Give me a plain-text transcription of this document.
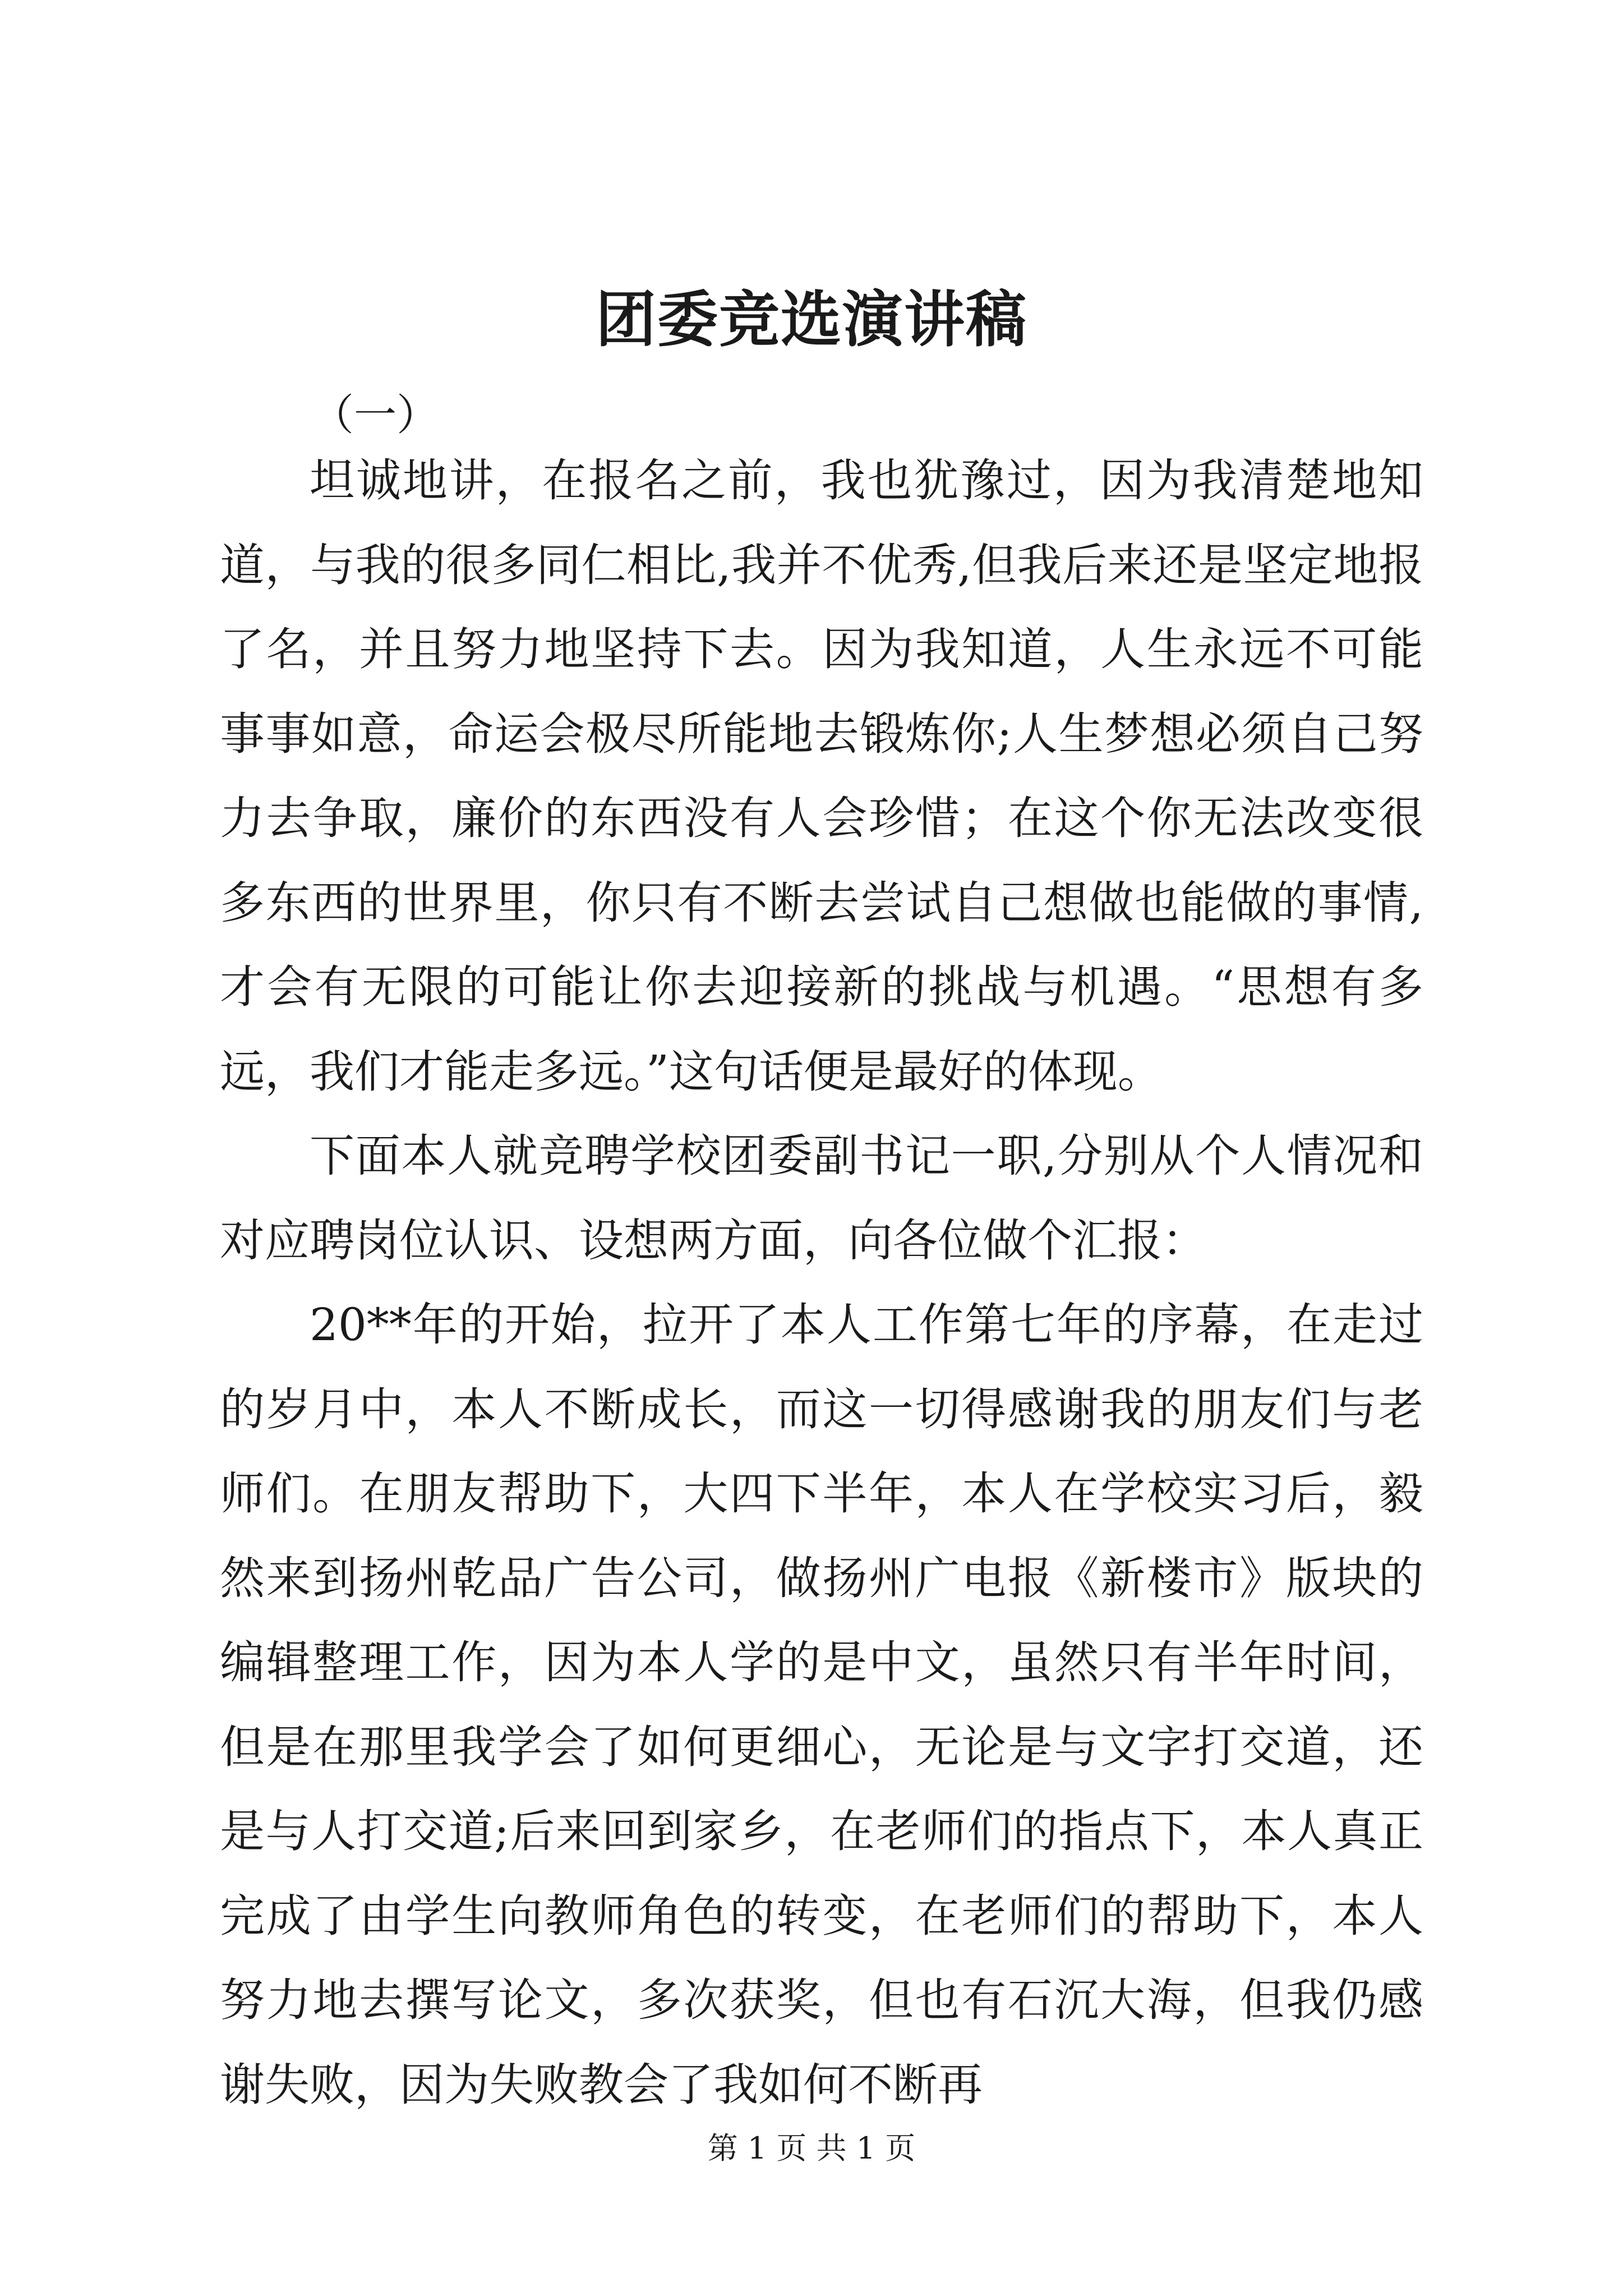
团委竞选演讲稿
（一）

坦诚地讲，在报名之前，我也犹豫过，因为我清楚地知道，与我的很多同仁相比,我并不优秀,但我后来还是坚定地报了名，并且努力地坚持下去。因为我知道，人生永远不可能事事如意，命运会极尽所能地去锻炼你;人生梦想必须自己努力去争取，廉价的东西没有人会珍惜；在这个你无法改变很多东西的世界里，你只有不断去尝试自己想做也能做的事情,才会有无限的可能让你去迎接新的挑战与机遇。“思想有多远，我们才能走多远。”这句话便是最好的体现。

下面本人就竞聘学校团委副书记一职,分别从个人情况和对应聘岗位认识、设想两方面，向各位做个汇报：

20**年的开始，拉开了本人工作第七年的序幕，在走过的岁月中，本人不断成长，而这一切得感谢我的朋友们与老师们。在朋友帮助下，大四下半年，本人在学校实习后，毅然来到扬州乾品广告公司，做扬州广电报《新楼市》版块的编辑整理工作，因为本人学的是中文，虽然只有半年时间，但是在那里我学会了如何更细心，无论是与文字打交道，还是与人打交道;后来回到家乡，在老师们的指点下，本人真正完成了由学生向教师角色的转变，在老师们的帮助下，本人努力地去撰写论文，多次获奖，但也有石沉大海，但我仍感谢失败，因为失败教会了我如何不断再

第 1 页 共 1 页
